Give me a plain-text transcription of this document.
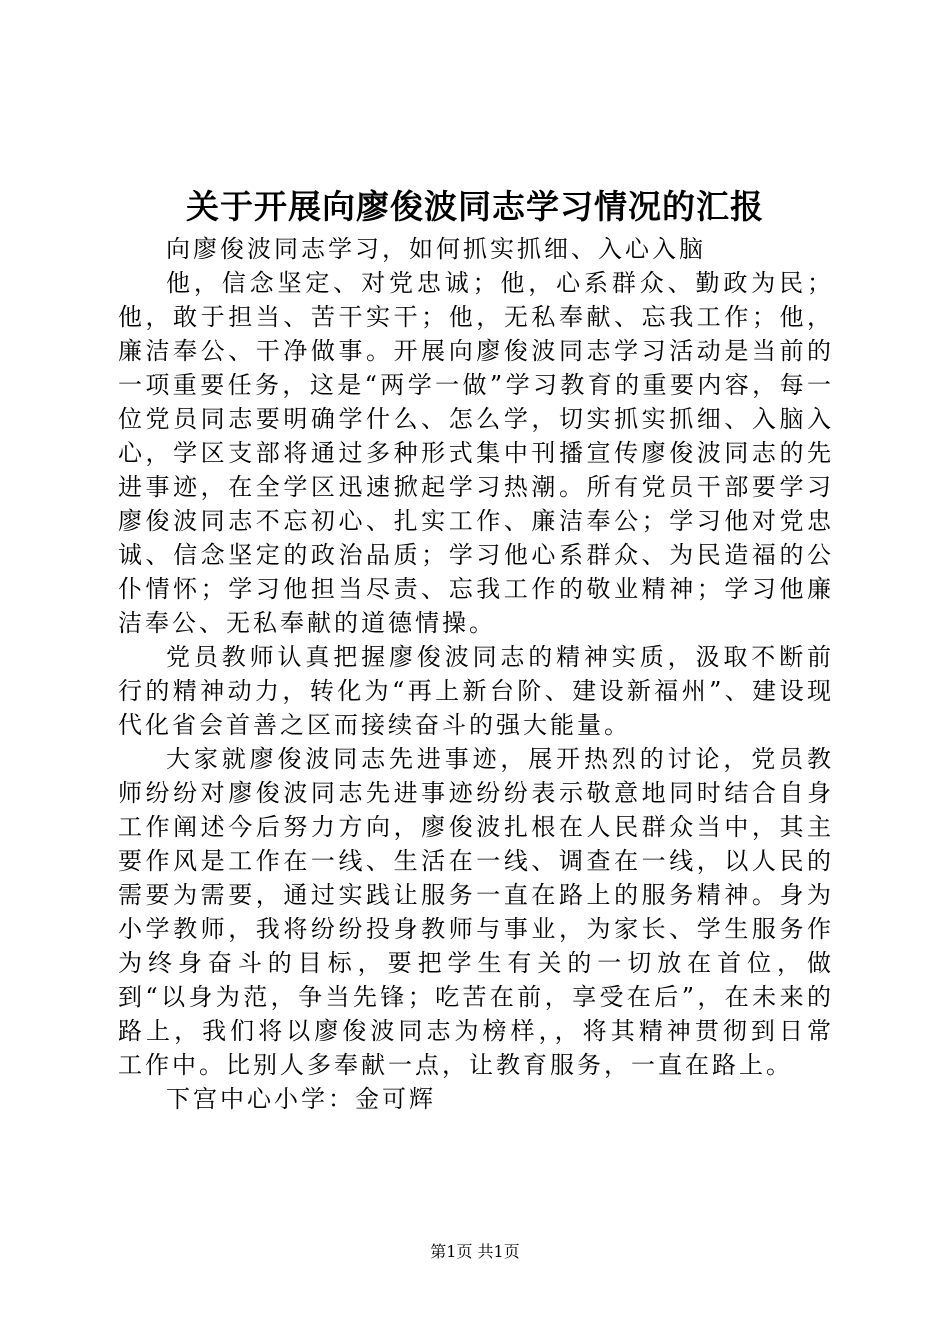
关于开展向廖俊波同志学习情况的汇报

向廖俊波同志学习，如何抓实抓细、入心入脑

他，信念坚定、对党忠诚；他，心系群众、勤政为民；他，敢于担当、苦干实干；他，无私奉献、忘我工作；他，廉洁奉公、干净做事。开展向廖俊波同志学习活动是当前的一项重要任务，这是“两学一做”学习教育的重要内容，每一位党员同志要明确学什么、怎么学，切实抓实抓细、入脑入心，学区支部将通过多种形式集中刊播宣传廖俊波同志的先进事迹，在全学区迅速掀起学习热潮。所有党员干部要学习廖俊波同志不忘初心、扎实工作、廉洁奉公；学习他对党忠诚、信念坚定的政治品质；学习他心系群众、为民造福的公仆情怀；学习他担当尽责、忘我工作的敬业精神；学习他廉洁奉公、无私奉献的道德情操。

党员教师认真把握廖俊波同志的精神实质，汲取不断前行的精神动力，转化为“再上新台阶、建设新福州”、建设现代化省会首善之区而接续奋斗的强大能量。

大家就廖俊波同志先进事迹，展开热烈的讨论，党员教师纷纷对廖俊波同志先进事迹纷纷表示敬意地同时结合自身工作阐述今后努力方向，廖俊波扎根在人民群众当中，其主要作风是工作在一线、生活在一线、调查在一线，以人民的需要为需要，通过实践让服务一直在路上的服务精神。身为小学教师，我将纷纷投身教师与事业，为家长、学生服务作为终身奋斗的目标，要把学生有关的一切放在首位，做到“以身为范，争当先锋；吃苦在前，享受在后”，在未来的路上，我们将以廖俊波同志为榜样，，将其精神贯彻到日常工作中。比别人多奉献一点，让教育服务，一直在路上。

下宫中心小学：金可辉

第1页 共1页
